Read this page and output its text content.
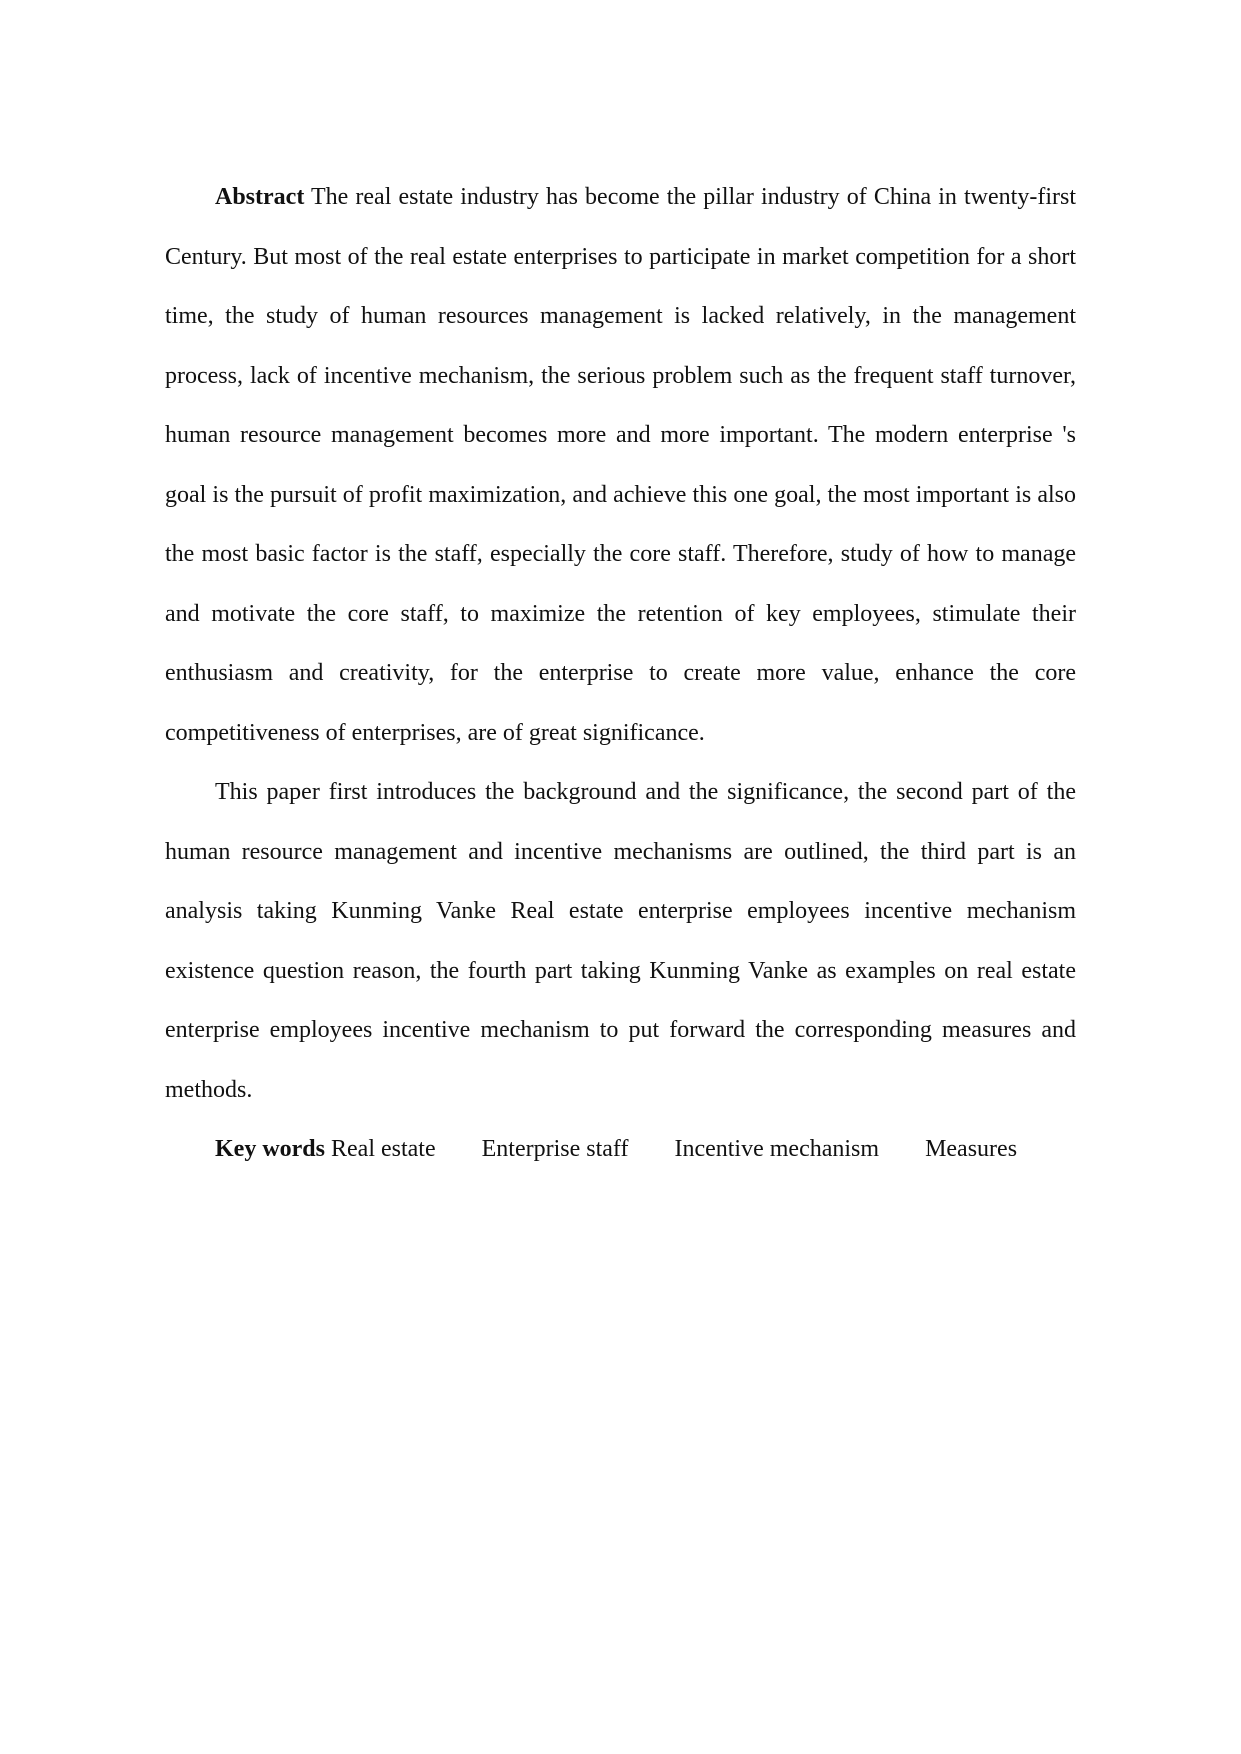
Abstract The real estate industry has become the pillar industry of China in twenty-first Century. But most of the real estate enterprises to participate in market competition for a short time, the study of human resources management is lacked relatively, in the management process, lack of incentive mechanism, the serious problem such as the frequent staff turnover, human resource management becomes more and more important. The modern enterprise 's goal is the pursuit of profit maximization, and achieve this one goal, the most important is also the most basic factor is the staff, especially the core staff. Therefore, study of how to manage and motivate the core staff, to maximize the retention of key employees, stimulate their enthusiasm and creativity, for the enterprise to create more value, enhance the core competitiveness of enterprises, are of great significance.

This paper first introduces the background and the significance, the second part of the human resource management and incentive mechanisms are outlined, the third part is an analysis taking Kunming Vanke Real estate enterprise employees incentive mechanism existence question reason, the fourth part taking Kunming Vanke as examples on real estate enterprise employees incentive mechanism to put forward the corresponding measures and methods.

Key words Real estate Enterprise staff Incentive mechanism Measures
